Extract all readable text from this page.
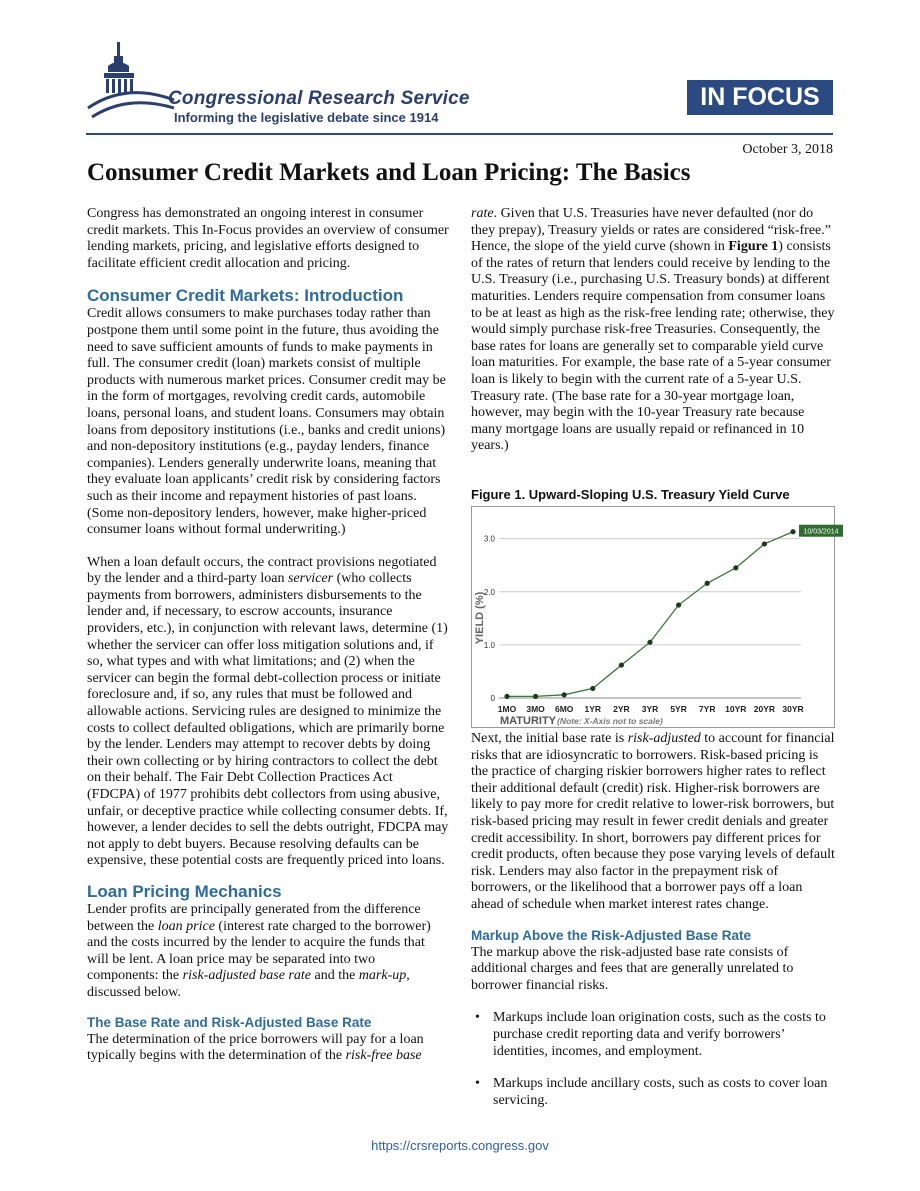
Congressional Research Service
Informing the legislative debate since 1914
IN FOCUS
October 3, 2018
Consumer Credit Markets and Loan Pricing: The Basics

Congress has demonstrated an ongoing interest in consumer credit markets. This In-Focus provides an overview of consumer lending markets, pricing, and legislative efforts designed to facilitate efficient credit allocation and pricing.

Consumer Credit Markets: Introduction

Credit allows consumers to make purchases today rather than postpone them until some point in the future, thus avoiding the need to save sufficient amounts of funds to make payments in full. The consumer credit (loan) markets consist of multiple products with numerous market prices. Consumer credit may be in the form of mortgages, revolving credit cards, automobile loans, personal loans, and student loans. Consumers may obtain loans from depository institutions (i.e., banks and credit unions) and non-depository institutions (e.g., payday lenders, finance companies). Lenders generally underwrite loans, meaning that they evaluate loan applicants’ credit risk by considering factors such as their income and repayment histories of past loans. (Some non-depository lenders, however, make higher-priced consumer loans without formal underwriting.)

When a loan default occurs, the contract provisions negotiated by the lender and a third-party loan servicer (who collects payments from borrowers, administers disbursements to the lender and, if necessary, to escrow accounts, insurance providers, etc.), in conjunction with relevant laws, determine (1) whether the servicer can offer loss mitigation solutions and, if so, what types and with what limitations; and (2) when the servicer can begin the formal debt-collection process or initiate foreclosure and, if so, any rules that must be followed and allowable actions. Servicing rules are designed to minimize the costs to collect defaulted obligations, which are primarily borne by the lender. Lenders may attempt to recover debts by doing their own collecting or by hiring contractors to collect the debt on their behalf. The Fair Debt Collection Practices Act (FDCPA) of 1977 prohibits debt collectors from using abusive, unfair, or deceptive practice while collecting consumer debts. If, however, a lender decides to sell the debts outright, FDCPA may not apply to debt buyers. Because resolving defaults can be expensive, these potential costs are frequently priced into loans.

Loan Pricing Mechanics

Lender profits are principally generated from the difference between the loan price (interest rate charged to the borrower) and the costs incurred by the lender to acquire the funds that will be lent. A loan price may be separated into two components: the risk-adjusted base rate and the mark-up, discussed below.

The Base Rate and Risk-Adjusted Base Rate

The determination of the price borrowers will pay for a loan typically begins with the determination of the risk-free base

rate. Given that U.S. Treasuries have never defaulted (nor do they prepay), Treasury yields or rates are considered “risk-free.” Hence, the slope of the yield curve (shown in Figure 1) consists of the rates of return that lenders could receive by lending to the U.S. Treasury (i.e., purchasing U.S. Treasury bonds) at different maturities. Lenders require compensation from consumer loans to be at least as high as the risk-free lending rate; otherwise, they would simply purchase risk-free Treasuries. Consequently, the base rates for loans are generally set to comparable yield curve loan maturities. For example, the base rate of a 5-year consumer loan is likely to begin with the current rate of a 5-year U.S. Treasury rate. (The base rate for a 30-year mortgage loan, however, may begin with the 10-year Treasury rate because many mortgage loans are usually repaid or refinanced in 10 years.)

Figure 1. Upward-Sloping U.S. Treasury Yield Curve
YIELD (%)
MATURITY (Note: X-Axis not to scale)
0
1.0
2.0
3.0
1MO 3MO 6MO 1YR 2YR 3YR 5YR 7YR 10YR 20YR 30YR
10/03/2014

Next, the initial base rate is risk-adjusted to account for financial risks that are idiosyncratic to borrowers. Risk-based pricing is the practice of charging riskier borrowers higher rates to reflect their additional default (credit) risk. Higher-risk borrowers are likely to pay more for credit relative to lower-risk borrowers, but risk-based pricing may result in fewer credit denials and greater credit accessibility. In short, borrowers pay different prices for credit products, often because they pose varying levels of default risk. Lenders may also factor in the prepayment risk of borrowers, or the likelihood that a borrower pays off a loan ahead of schedule when market interest rates change.

Markup Above the Risk-Adjusted Base Rate

The markup above the risk-adjusted base rate consists of additional charges and fees that are generally unrelated to borrower financial risks.

• Markups include loan origination costs, such as the costs to purchase credit reporting data and verify borrowers’ identities, incomes, and employment.
• Markups include ancillary costs, such as costs to cover loan servicing.
https://crsreports.congress.gov
